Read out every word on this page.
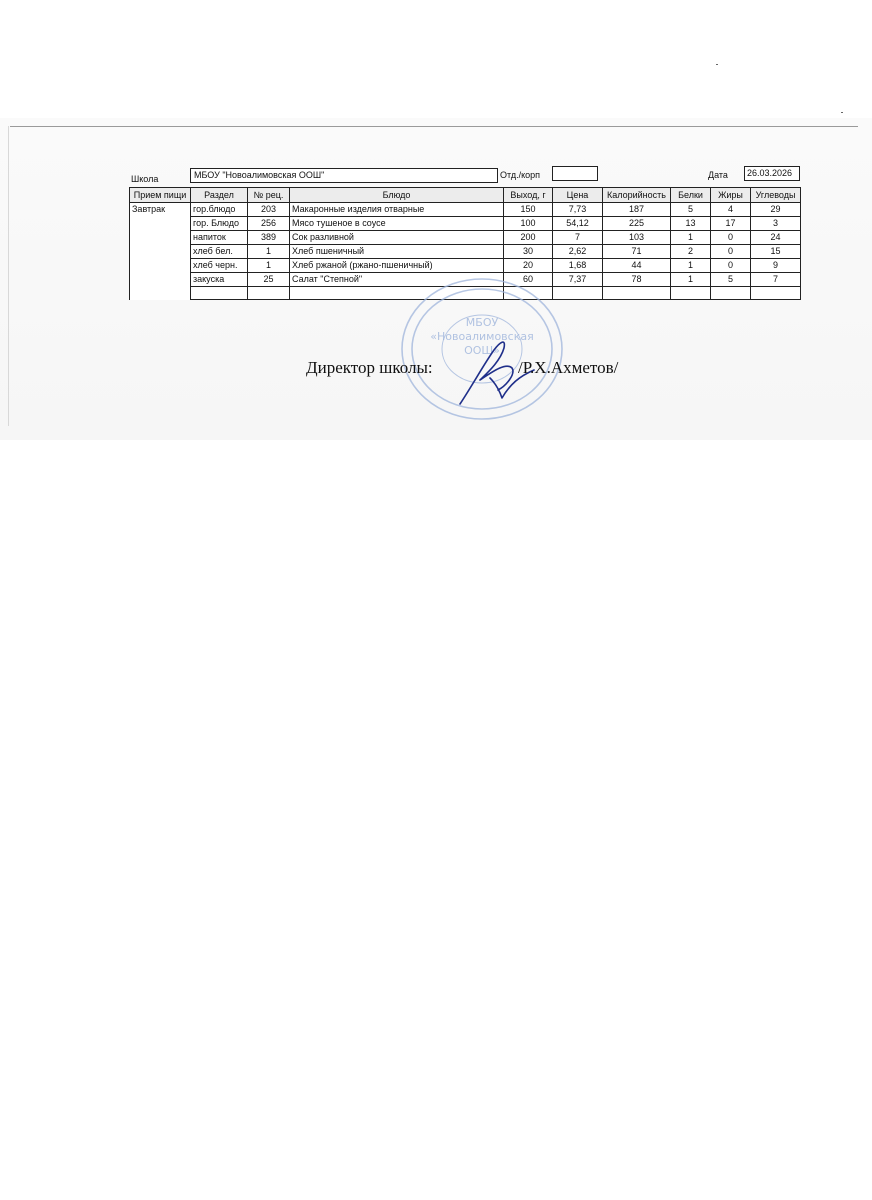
Школа	МБОУ "Новоалимовская ООШ"	Отд./корп	Дата	26.03.2026
Прием пищи	Раздел	№ рец.	Блюдо	Выход, г	Цена	Калорийность	Белки	Жиры	Углеводы
Завтрак	гор.блюдо	203	Макаронные изделия отварные	150	7,73	187	5	4	29
	гор. Блюдо	256	Мясо тушеное в соусе	100	54,12	225	13	17	3
	напиток	389	Сок разливной	200	7	103	1	0	24
	хлеб бел.	1	Хлеб пшеничный	30	2,62	71	2	0	15
	хлеб черн.	1	Хлеб ржаной (ржано-пшеничный)	20	1,68	44	1	0	9
	закуска	25	Салат "Степной"	60	7,37	78	1	5	7

МБОУ
«Новоалимовская
ООШ»
Директор школы:	/Р.Х.Ахметов/
